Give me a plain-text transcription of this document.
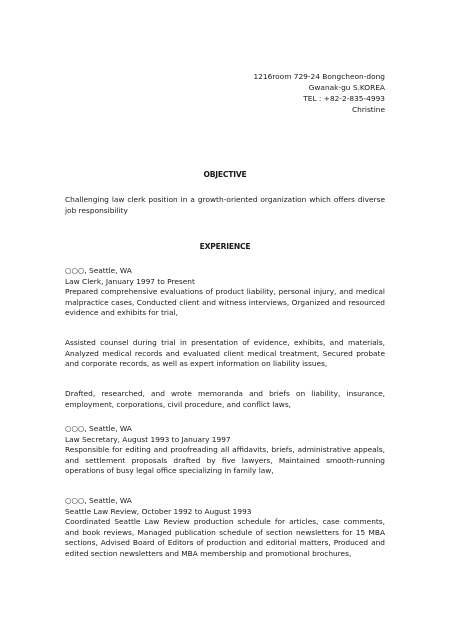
1216room 729-24 Bongcheon-dong
Gwanak-gu S.KOREA
TEL : +82-2-835-4993
Christine
OBJECTIVE
Challenging law clerk position in a growth-oriented organization which offers diverse job responsibility
EXPERIENCE
○○○, Seattle, WA
Law Clerk, January 1997 to Present
Prepared comprehensive evaluations of product liability, personal injury, and medical malpractice cases, Conducted client and witness interviews, Organized and resourced evidence and exhibits for trial,
Assisted counsel during trial in presentation of evidence, exhibits, and materials, Analyzed medical records and evaluated client medical treatment, Secured probate and corporate records, as well as expert information on liability issues,
Drafted, researched, and wrote memoranda and briefs on liability, insurance, employment, corporations, civil procedure, and conflict laws,
○○○, Seattle, WA
Law Secretary, August 1993 to January 1997
Responsible for editing and proofreading all affidavits, briefs, administrative appeals, and settlement proposals drafted by five lawyers, Maintained smooth-running operations of busy legal office specializing in family law,
○○○, Seattle, WA
Seattle Law Review, October 1992 to August 1993
Coordinated Seattle Law Review production schedule for articles, case comments, and book reviews, Managed publication schedule of section newsletters for 15 MBA sections, Advised Board of Editors of production and editorial matters, Produced and edited section newsletters and MBA membership and promotional brochures,
